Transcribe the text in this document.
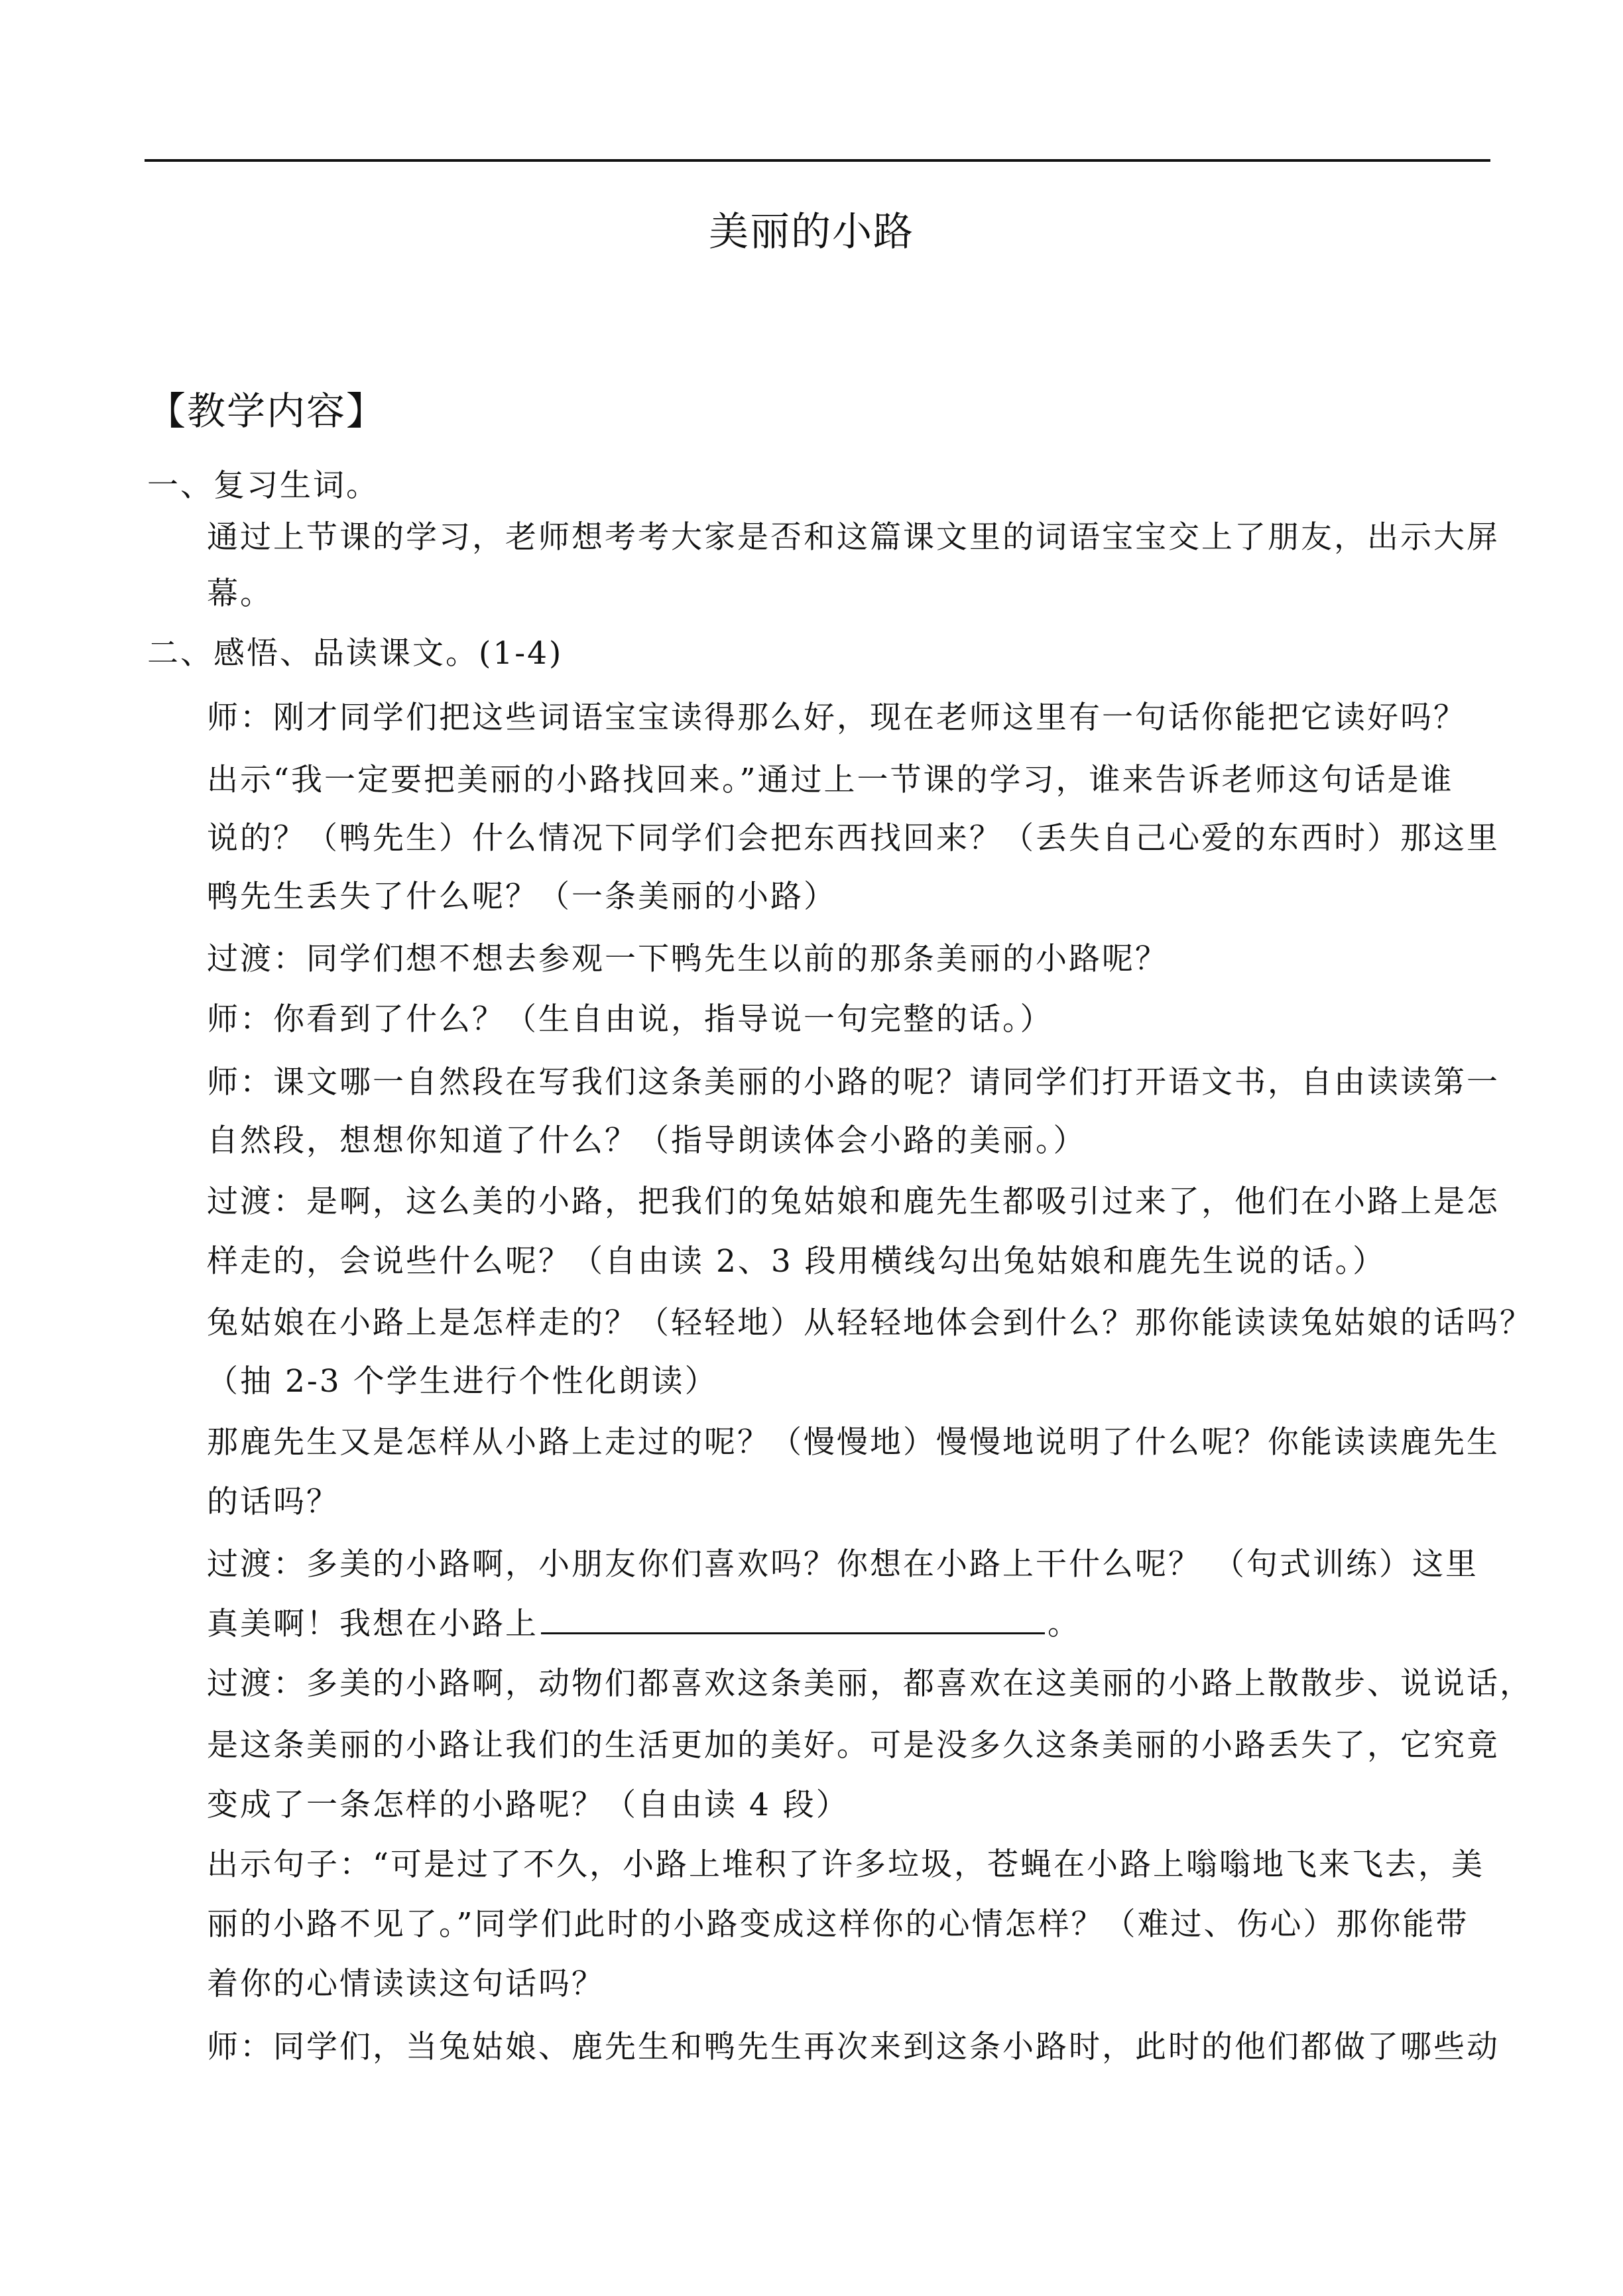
美丽的小路
【教学内容】
一、复习生词。
通过上节课的学习，老师想考考大家是否和这篇课文里的词语宝宝交上了朋友，出示大屏
幕。
二、感悟、品读课文。(1-4)
师：刚才同学们把这些词语宝宝读得那么好，现在老师这里有一句话你能把它读好吗？
出示“我一定要把美丽的小路找回来。”通过上一节课的学习，谁来告诉老师这句话是谁
说的？（鸭先生）什么情况下同学们会把东西找回来？（丢失自己心爱的东西时）那这里
鸭先生丢失了什么呢？（一条美丽的小路）
过渡：同学们想不想去参观一下鸭先生以前的那条美丽的小路呢？
师：你看到了什么？（生自由说，指导说一句完整的话。）
师：课文哪一自然段在写我们这条美丽的小路的呢？请同学们打开语文书，自由读读第一
自然段，想想你知道了什么？（指导朗读体会小路的美丽。）
过渡：是啊，这么美的小路，把我们的兔姑娘和鹿先生都吸引过来了，他们在小路上是怎
样走的，会说些什么呢？（自由读 2、3 段用横线勾出兔姑娘和鹿先生说的话。）
兔姑娘在小路上是怎样走的？（轻轻地）从轻轻地体会到什么？那你能读读兔姑娘的话吗？
（抽 2-3 个学生进行个性化朗读）
那鹿先生又是怎样从小路上走过的呢？（慢慢地）慢慢地说明了什么呢？你能读读鹿先生
的话吗？
过渡：多美的小路啊，小朋友你们喜欢吗？你想在小路上干什么呢？ （句式训练）这里
真美啊！我想在小路上	。
过渡：多美的小路啊，动物们都喜欢这条美丽，都喜欢在这美丽的小路上散散步、说说话，
是这条美丽的小路让我们的生活更加的美好。可是没多久这条美丽的小路丢失了，它究竟
变成了一条怎样的小路呢？（自由读 4 段）
出示句子：“可是过了不久，小路上堆积了许多垃圾，苍蝇在小路上嗡嗡地飞来飞去，美
丽的小路不见了。”同学们此时的小路变成这样你的心情怎样？（难过、伤心）那你能带
着你的心情读读这句话吗？
师：同学们，当兔姑娘、鹿先生和鸭先生再次来到这条小路时，此时的他们都做了哪些动
